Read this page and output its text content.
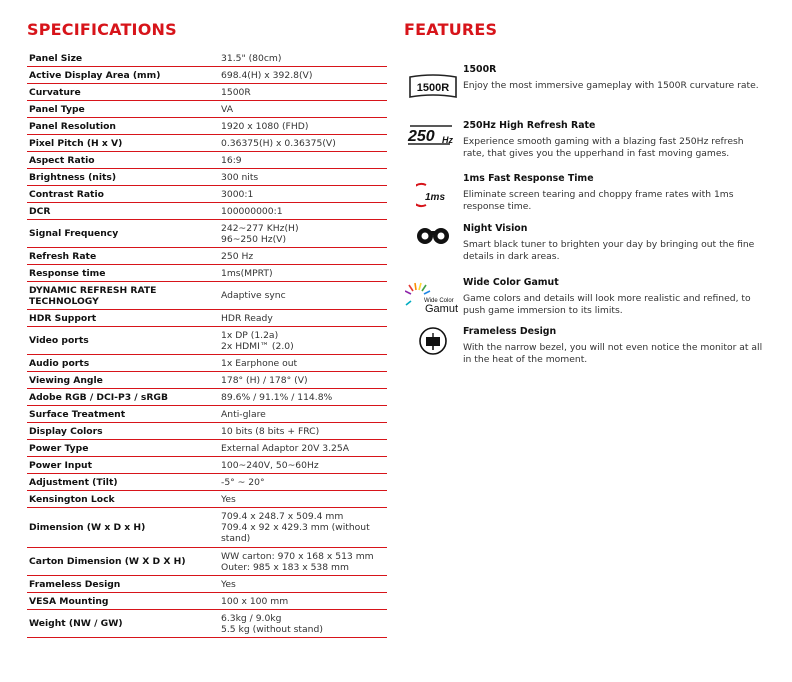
SPECIFICATIONS	FEATURES
Panel Size	31.5" (80cm)
Active Display Area (mm)	698.4(H) x 392.8(V)
Curvature	1500R
Panel Type	VA
Panel Resolution	1920 x 1080 (FHD)
Pixel Pitch (H x V)	0.36375(H) x 0.36375(V)
Aspect Ratio	16:9
Brightness (nits)	300 nits
Contrast Ratio	3000:1
DCR	100000000:1
Signal Frequency	242~277 KHz(H)
96~250 Hz(V)
Refresh Rate	250 Hz
Response time	1ms(MPRT)
DYNAMIC REFRESH RATE TECHNOLOGY	Adaptive sync
HDR Support	HDR Ready
Video ports	1x DP (1.2a)
2x HDMI™ (2.0)
Audio ports	1x Earphone out
Viewing Angle	178° (H) / 178° (V)
Adobe RGB / DCI-P3 / sRGB	89.6% / 91.1% / 114.8%
Surface Treatment	Anti-glare
Display Colors	10 bits (8 bits + FRC)
Power Type	External Adaptor 20V 3.25A
Power Input	100~240V, 50~60Hz
Adjustment (Tilt)	-5° ~ 20°
Kensington Lock	Yes
Dimension (W x D x H)
709.4 x 248.7 x 509.4 mm
709.4 x 92 x 429.3 mm (without
stand)
Carton Dimension (W X D X H)	WW carton: 970 x 168 x 513 mm
Outer: 985 x 183 x 538 mm
Frameless Design	Yes
VESA Mounting	100 x 100 mm
Weight (NW / GW)	6.3kg / 9.0kg
5.5 kg (without stand)
1500R
1500R
Enjoy the most immersive gameplay with 1500R curvature rate.
250 Hz
250Hz High Refresh Rate
Experience smooth gaming with a blazing fast 250Hz refresh rate, that gives you the upperhand in fast moving games.
1ms
1ms Fast Response Time
Eliminate screen tearing and choppy frame rates with 1ms response time.
Night Vision
Smart black tuner to brighten your day by bringing out the fine details in dark areas.
Wide Color
Gamut
Wide Color Gamut
Game colors and details will look more realistic and refined, to push game immersion to its limits.
Frameless Design
With the narrow bezel, you will not even notice the monitor at all in the heat of the moment.
